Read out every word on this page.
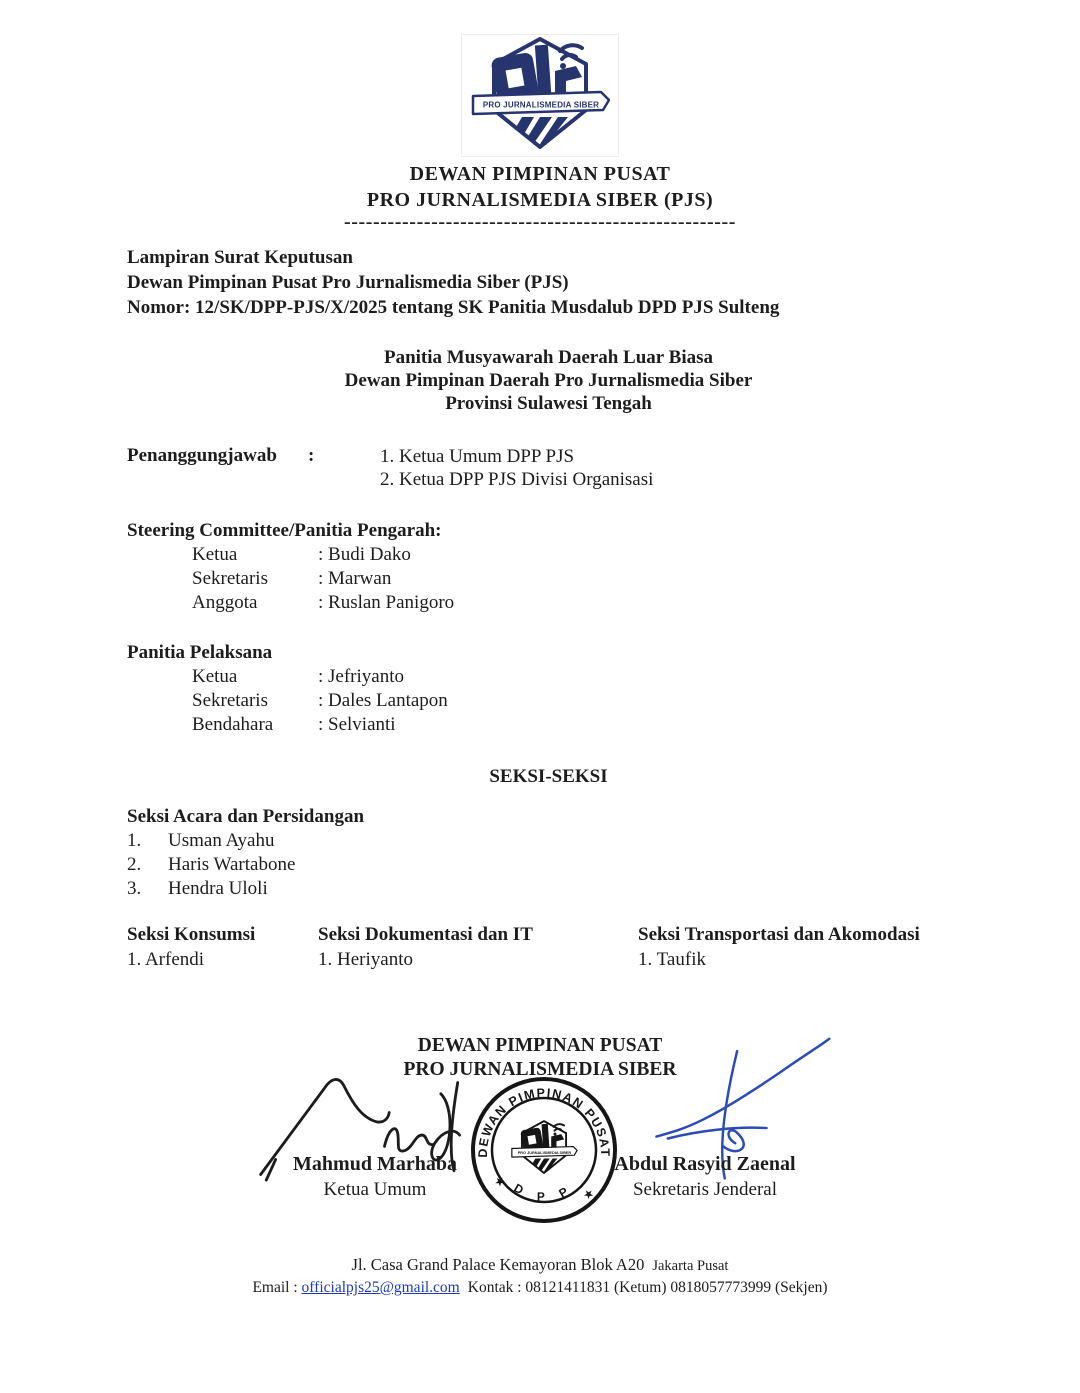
PRO JURNALISMEDIA SIBER
DEWAN PIMPINAN PUSAT
PRO JURNALISMEDIA SIBER (PJS)
------------------------------------------------------
Lampiran Surat Keputusan
Dewan Pimpinan Pusat Pro Jurnalismedia Siber (PJS)
Nomor: 12/SK/DPP-PJS/X/2025 tentang SK Panitia Musdalub DPD PJS Sulteng
Panitia Musyawarah Daerah Luar Biasa
Dewan Pimpinan Daerah Pro Jurnalismedia Siber
Provinsi Sulawesi Tengah
Penanggungjawab	:	1. Ketua Umum DPP PJS
2. Ketua DPP PJS Divisi Organisasi
Steering Committee/Panitia Pengarah:
Ketua	: Budi Dako
Sekretaris	: Marwan
Anggota	: Ruslan Panigoro
Panitia Pelaksana
Ketua	: Jefriyanto
Sekretaris	: Dales Lantapon
Bendahara	: Selvianti
SEKSI-SEKSI
Seksi Acara dan Persidangan
1.	Usman Ayahu
2.	Haris Wartabone
3.	Hendra Uloli
Seksi Konsumsi
1. Arfendi
Seksi Dokumentasi dan IT
1. Heriyanto
Seksi Transportasi dan Akomodasi
1. Taufik
DEWAN PIMPINAN PUSAT
PRO JURNALISMEDIA SIBER
DEWAN PIMPINAN PUSAT
D P P
★
★
PRO JURNALISMEDIA SIBER
Mahmud Marhaba
Ketua Umum
Abdul Rasyid Zaenal
Sekretaris Jenderal
Jl. Casa Grand Palace Kemayoran Blok A20 Jakarta Pusat
Email : officialpjs25@gmail.com Kontak : 08121411831 (Ketum) 0818057773999 (Sekjen)
